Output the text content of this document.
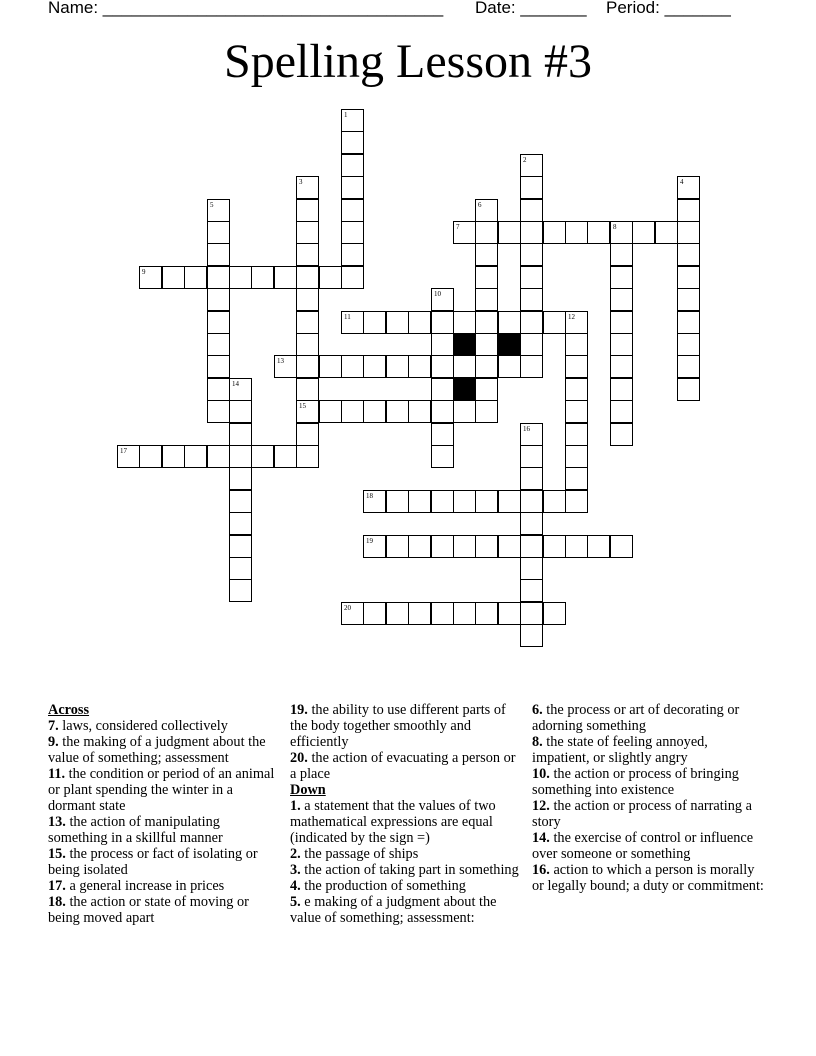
Name: ____________________________________ Date: _______ Period: _______
Spelling Lesson #3
7	8
9
11	12
13
15
17
18
19
20
1
2
3	4
5	6
10
14
16
Across
7. laws, considered collectively
9. the making of a judgment about the value of something; assessment
11. the condition or period of an animal or plant spending the winter in a dormant state
13. the action of manipulating something in a skillful manner
15. the process or fact of isolating or being isolated
17. a general increase in prices
18. the action or state of moving or being moved apart
19. the ability to use different parts of the body together smoothly and efficiently
20. the action of evacuating a person or a place
Down
1. a statement that the values of two mathematical expressions are equal (indicated by the sign =)
2. the passage of ships
3. the action of taking part in something
4. the production of something
5. e making of a judgment about the value of something; assessment:
6. the process or art of decorating or adorning something
8. the state of feeling annoyed, impatient, or slightly angry
10. the action or process of bringing something into existence
12. the action or process of narrating a story
14. the exercise of control or influence over someone or something
16. action to which a person is morally or legally bound; a duty or commitment:
